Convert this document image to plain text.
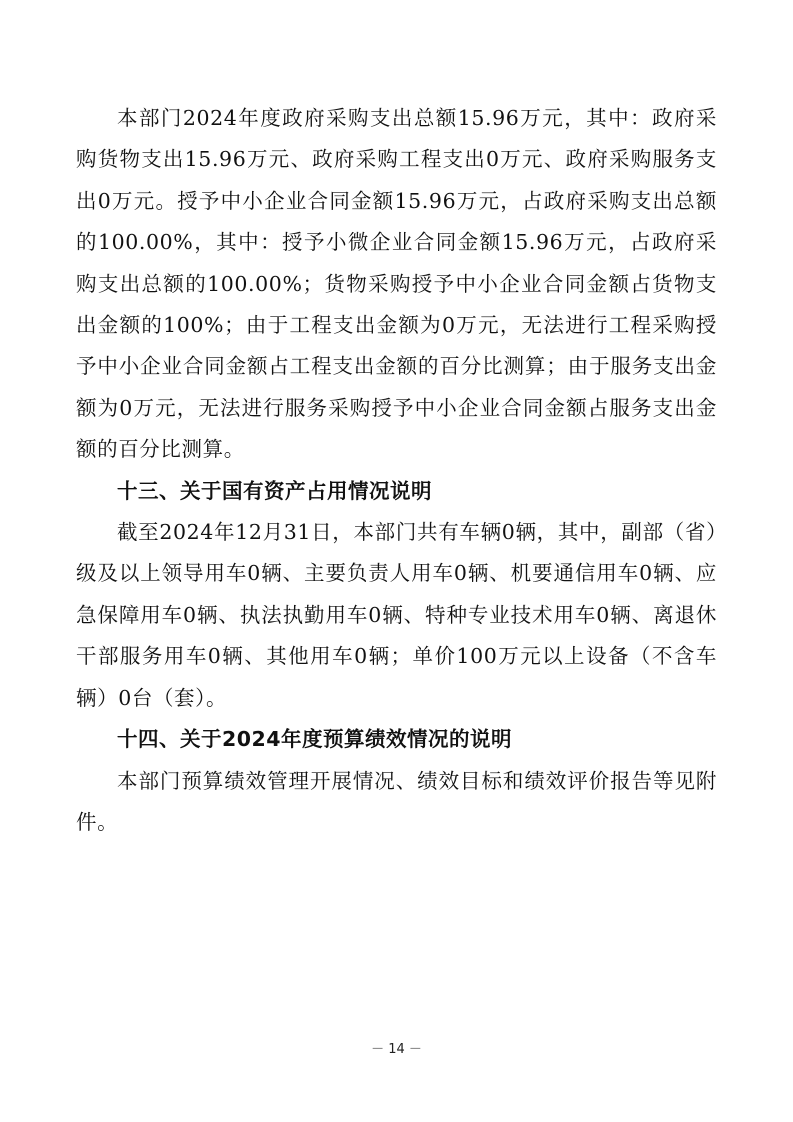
本部门2024年度政府采购支出总额15.96万元，其中：政府采购货物支出15.96万元、政府采购工程支出0万元、政府采购服务支出0万元。授予中小企业合同金额15.96万元，占政府采购支出总额的100.00%，其中：授予小微企业合同金额15.96万元，占政府采购支出总额的100.00%；货物采购授予中小企业合同金额占货物支出金额的100%；由于工程支出金额为0万元，无法进行工程采购授予中小企业合同金额占工程支出金额的百分比测算；由于服务支出金额为0万元，无法进行服务采购授予中小企业合同金额占服务支出金额的百分比测算。

十三、关于国有资产占用情况说明

截至2024年12月31日，本部门共有车辆0辆，其中，副部（省）级及以上领导用车0辆、主要负责人用车0辆、机要通信用车0辆、应急保障用车0辆、执法执勤用车0辆、特种专业技术用车0辆、离退休干部服务用车0辆、其他用车0辆；单价100万元以上设备（不含车辆）0台（套）。

十四、关于2024年度预算绩效情况的说明

本部门预算绩效管理开展情况、绩效目标和绩效评价报告等见附件。

－ 14 －
